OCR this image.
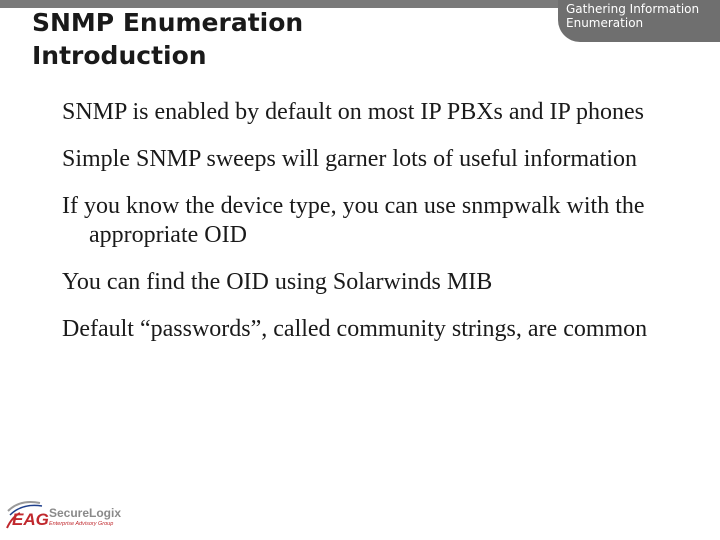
SNMP Enumeration
Introduction
Gathering Information
Enumeration
SNMP is enabled by default on most IP PBXs and IP phones
Simple SNMP sweeps will garner lots of useful information
If you know the device type, you can use snmpwalk with the appropriate OID
You can find the OID using Solarwinds MIB
Default “passwords”, called community strings, are common
EAG SecureLogix
Enterprise Advisory Group
